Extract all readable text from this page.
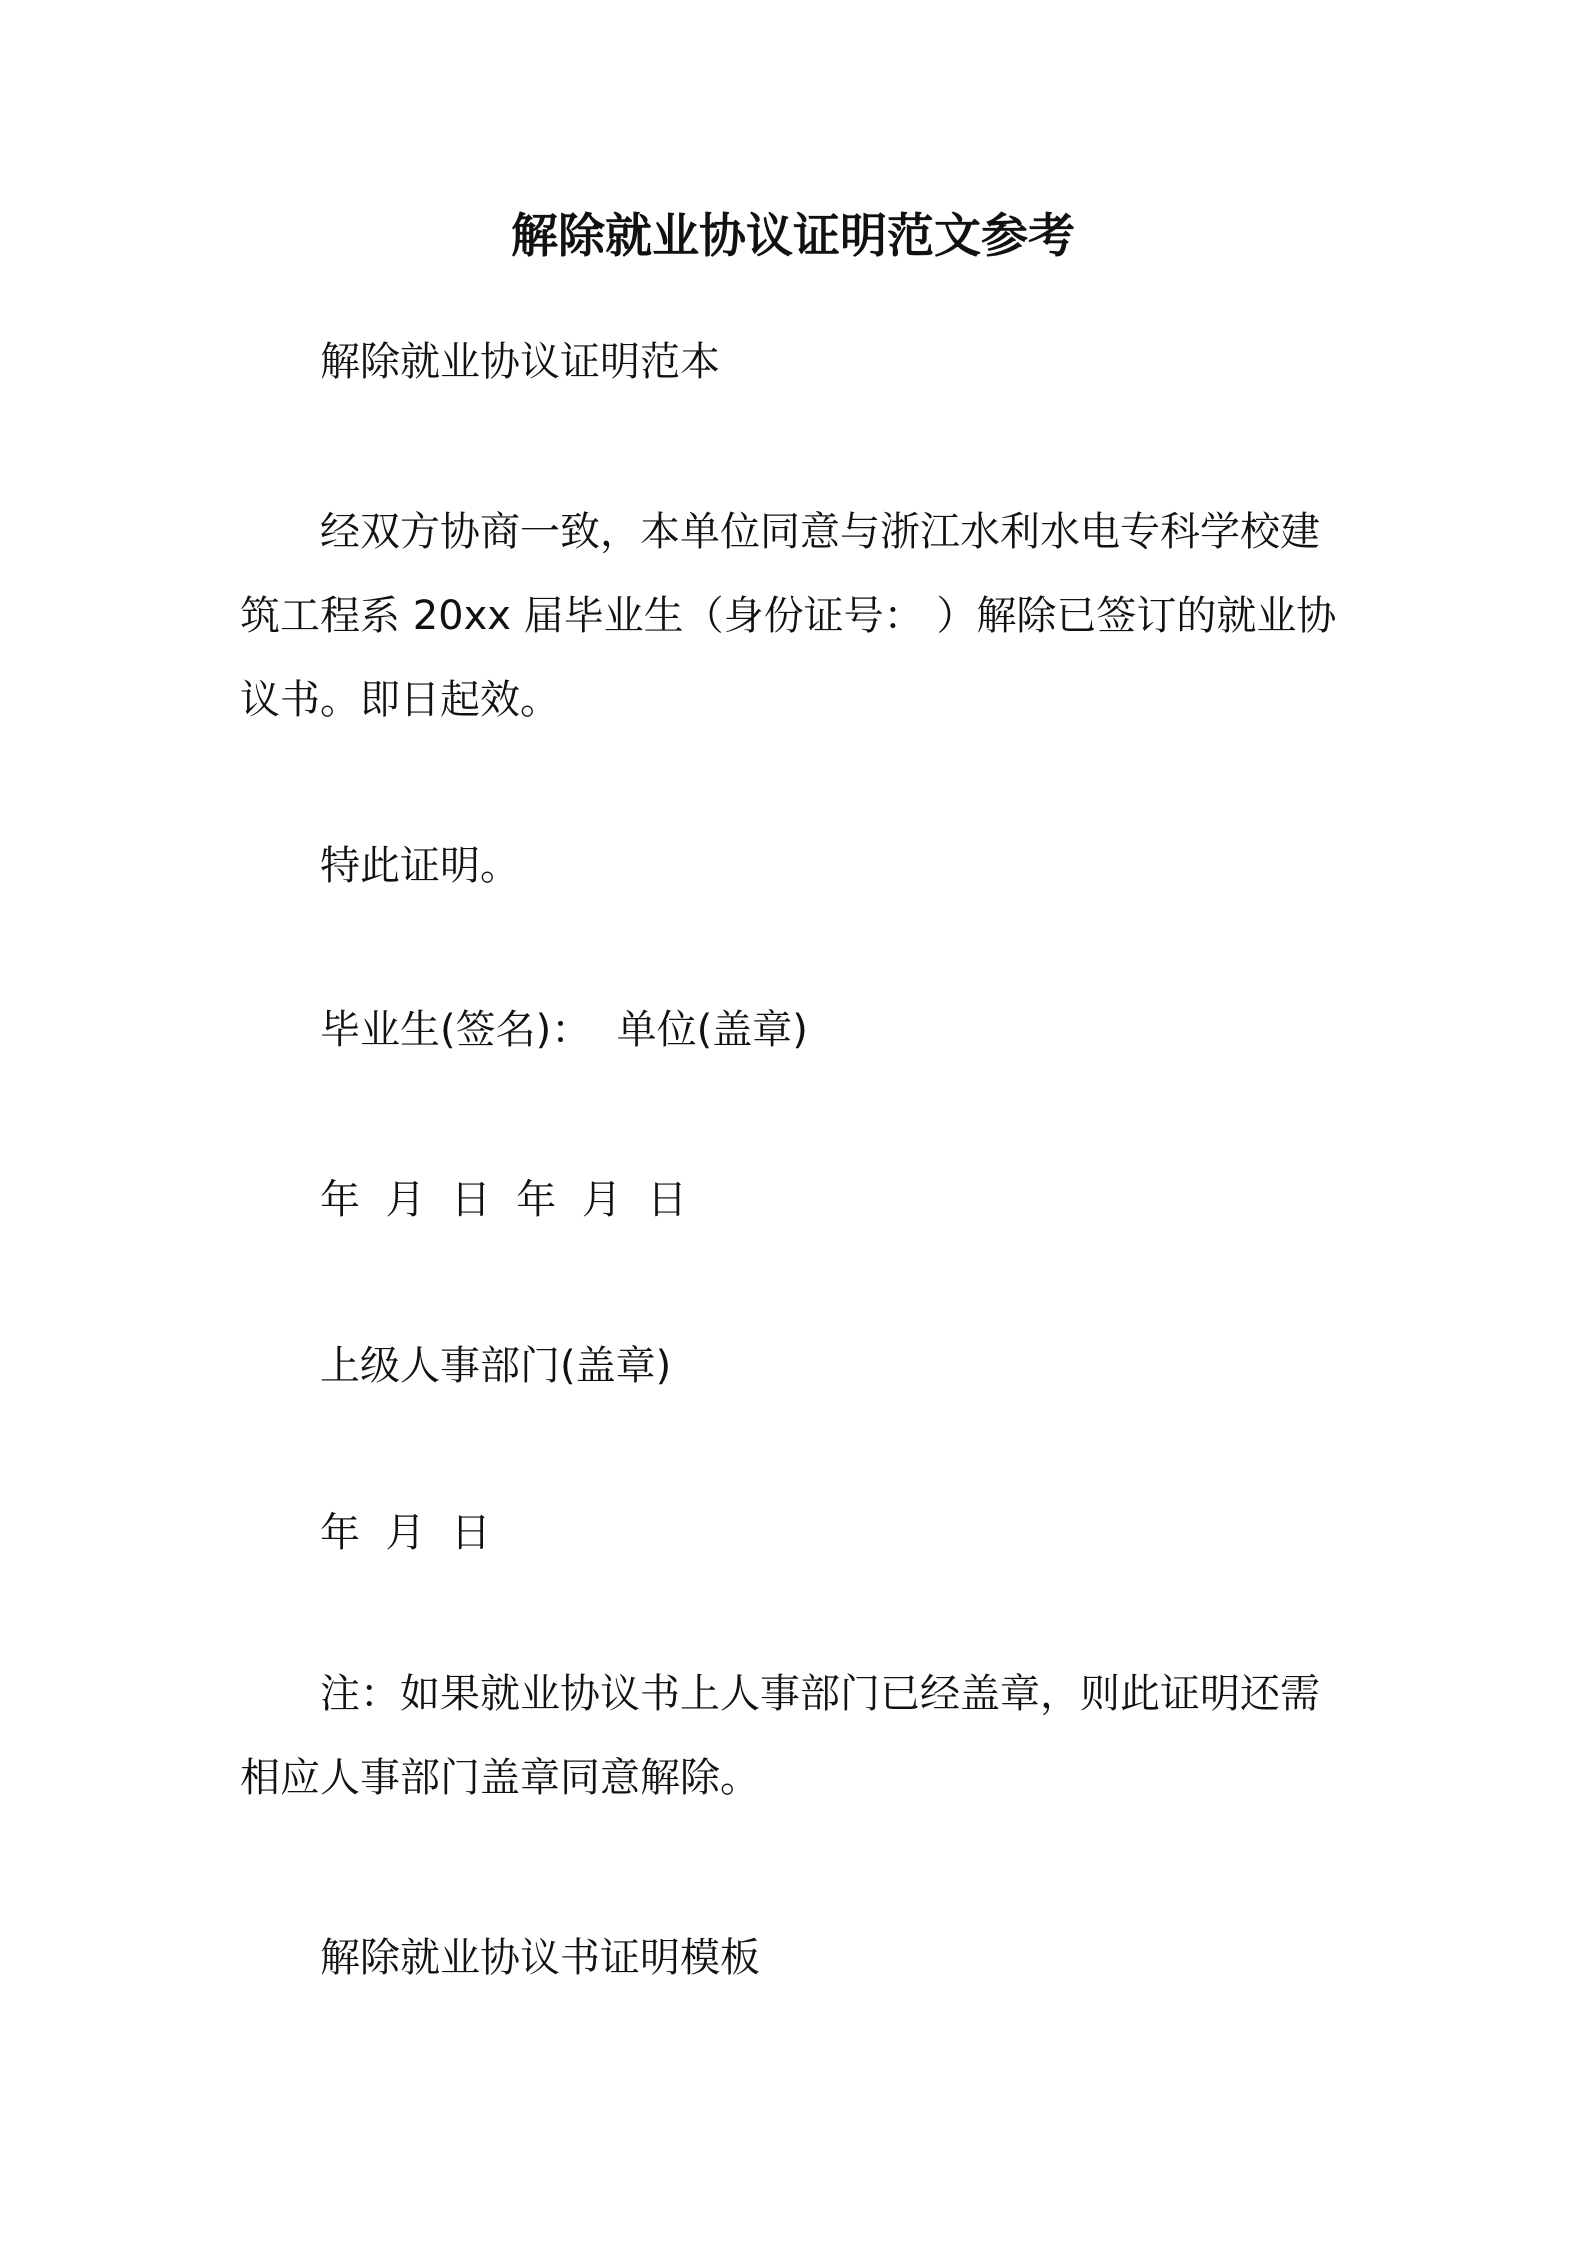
解除就业协议证明范文参考
解除就业协议证明范本
经双方协商一致，本单位同意与浙江水利水电专科学校建筑工程系 20xx 届毕业生（身份证号： ）解除已签订的就业协议书。即日起效。
特此证明。
毕业生(签名)：  单位(盖章)
年  月  日  年  月  日
上级人事部门(盖章)
年  月  日
注：如果就业协议书上人事部门已经盖章，则此证明还需相应人事部门盖章同意解除。
解除就业协议书证明模板
